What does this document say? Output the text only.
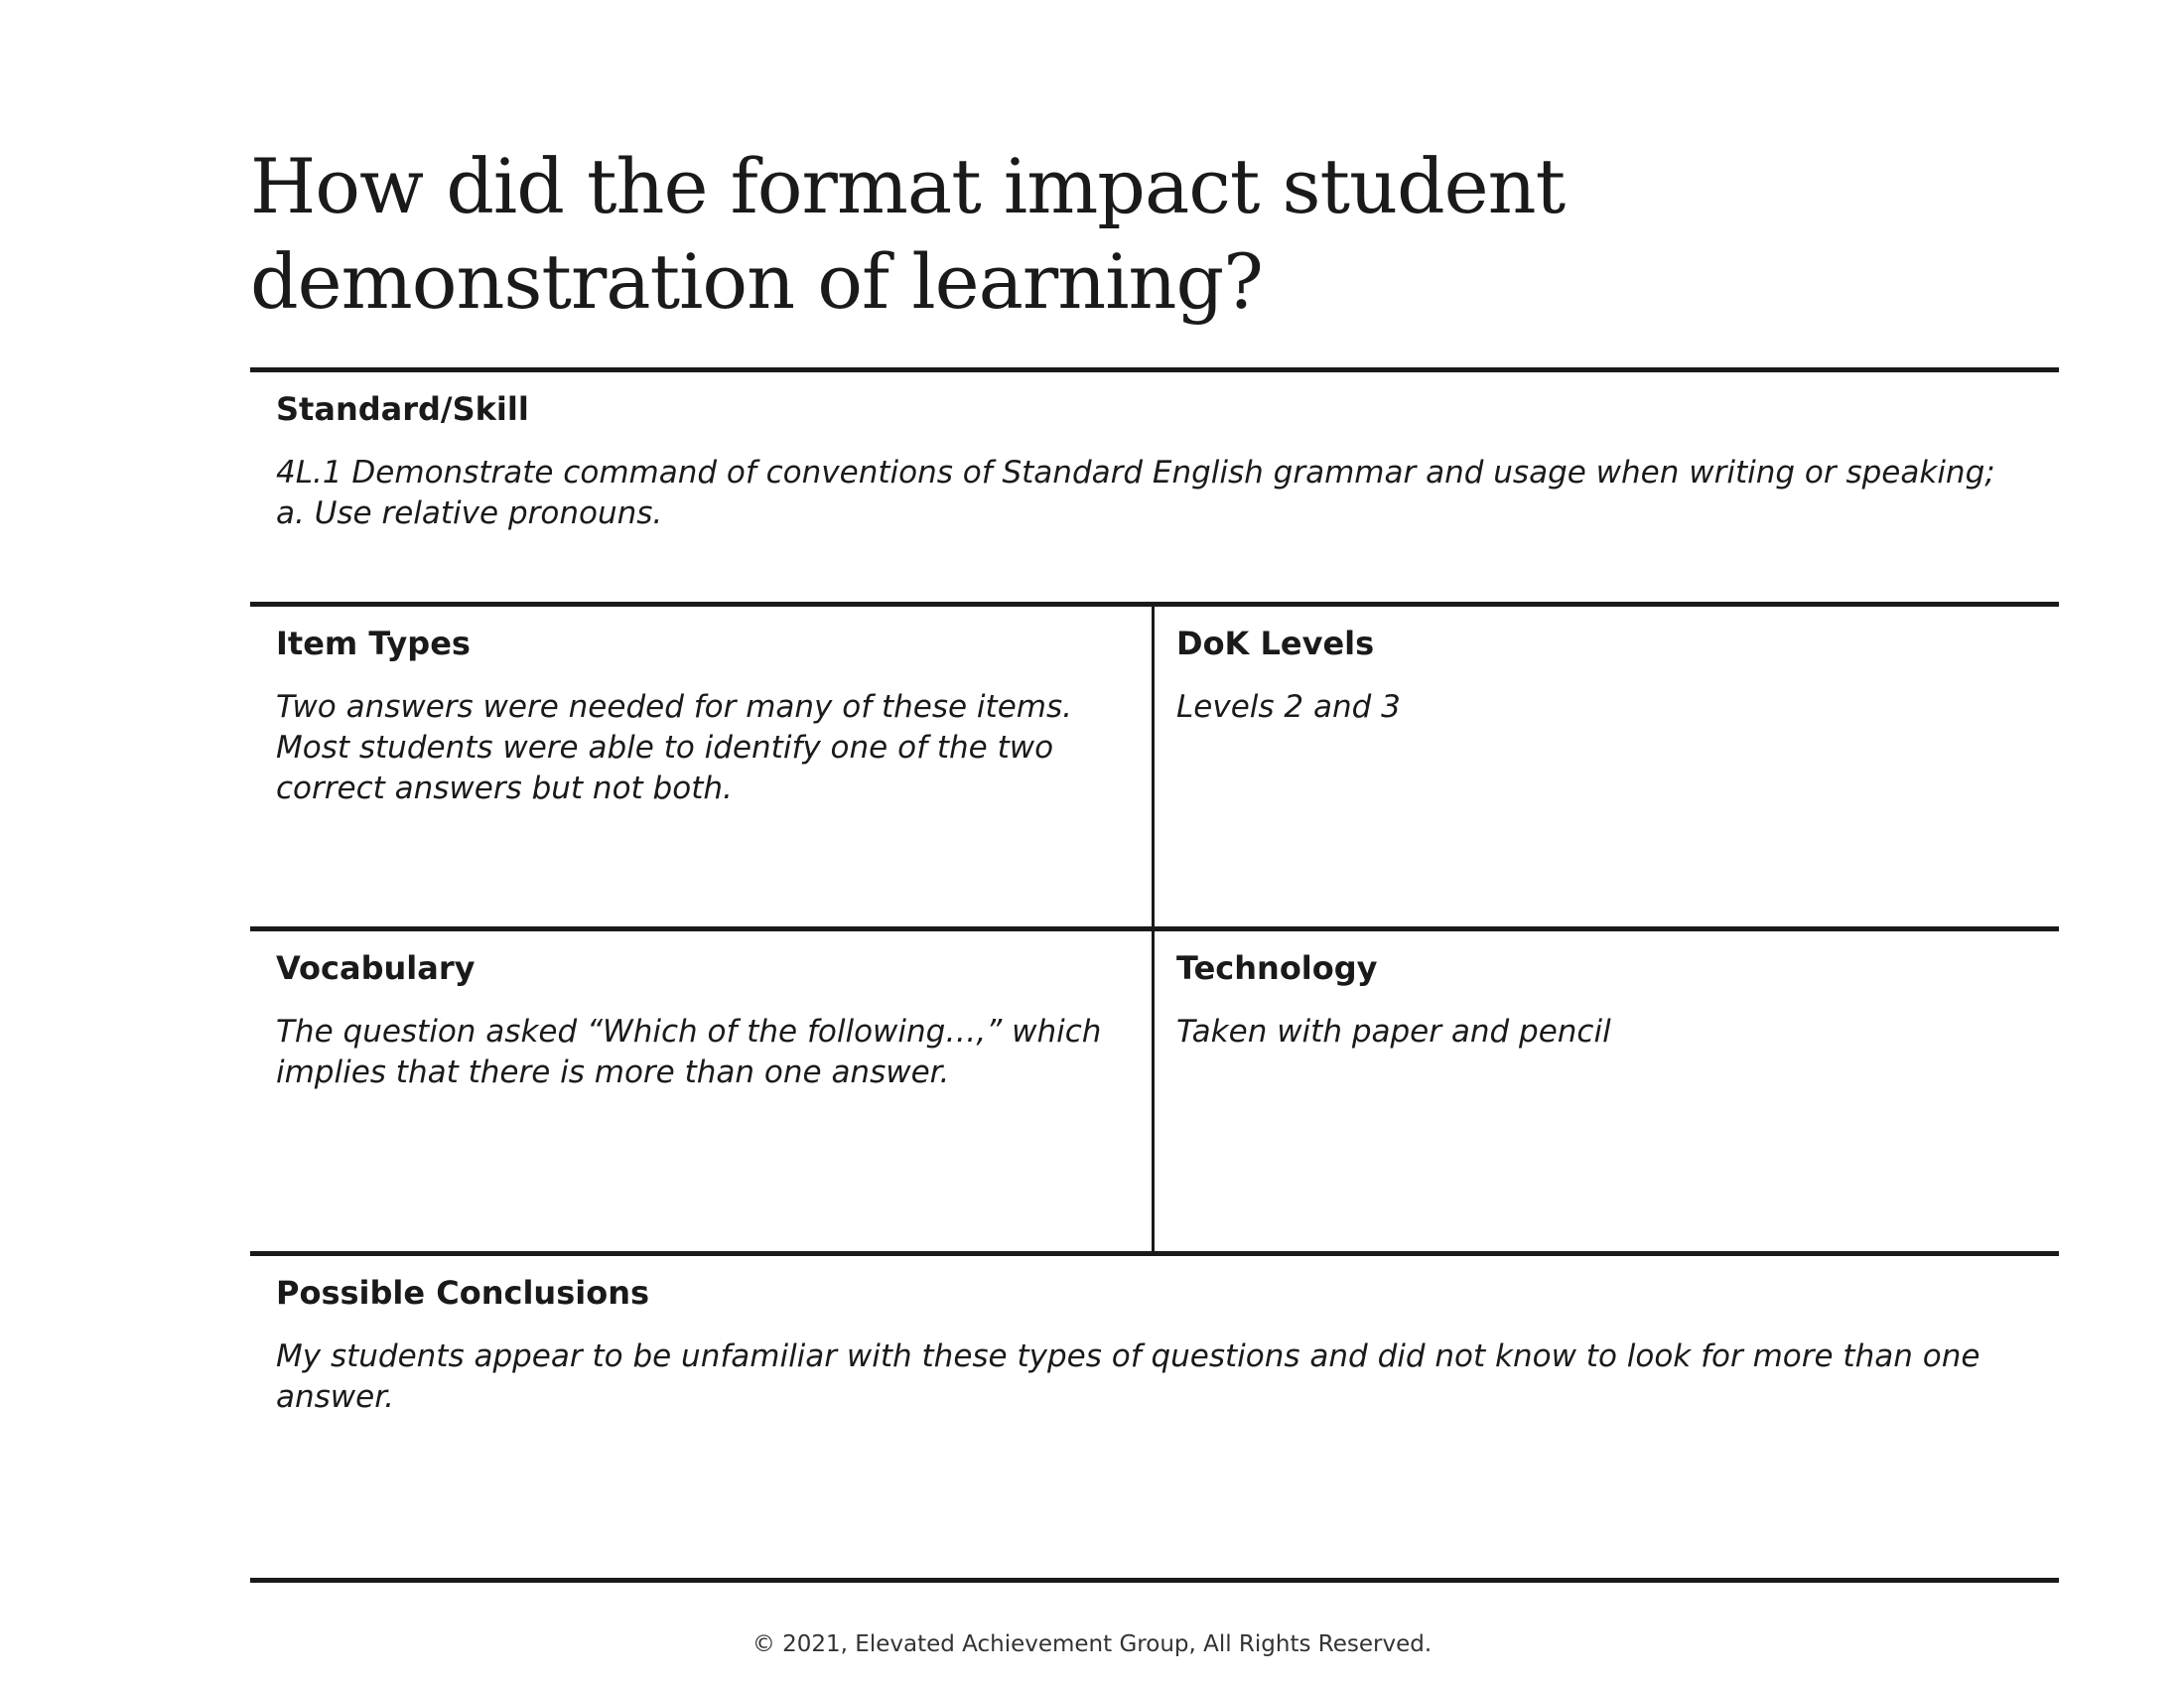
How did the format impact student demonstration of learning?

Standard/Skill

4L.1 Demonstrate command of conventions of Standard English grammar and usage when writing or speaking; a. Use relative pronouns.

Item Types

Two answers were needed for many of these items. Most students were able to identify one of the two correct answers but not both.

DoK Levels

Levels 2 and 3

Vocabulary

The question asked “Which of the following…,” which implies that there is more than one answer.

Technology

Taken with paper and pencil

Possible Conclusions

My students appear to be unfamiliar with these types of questions and did not know to look for more than one answer.

© 2021, Elevated Achievement Group, All Rights Reserved.
